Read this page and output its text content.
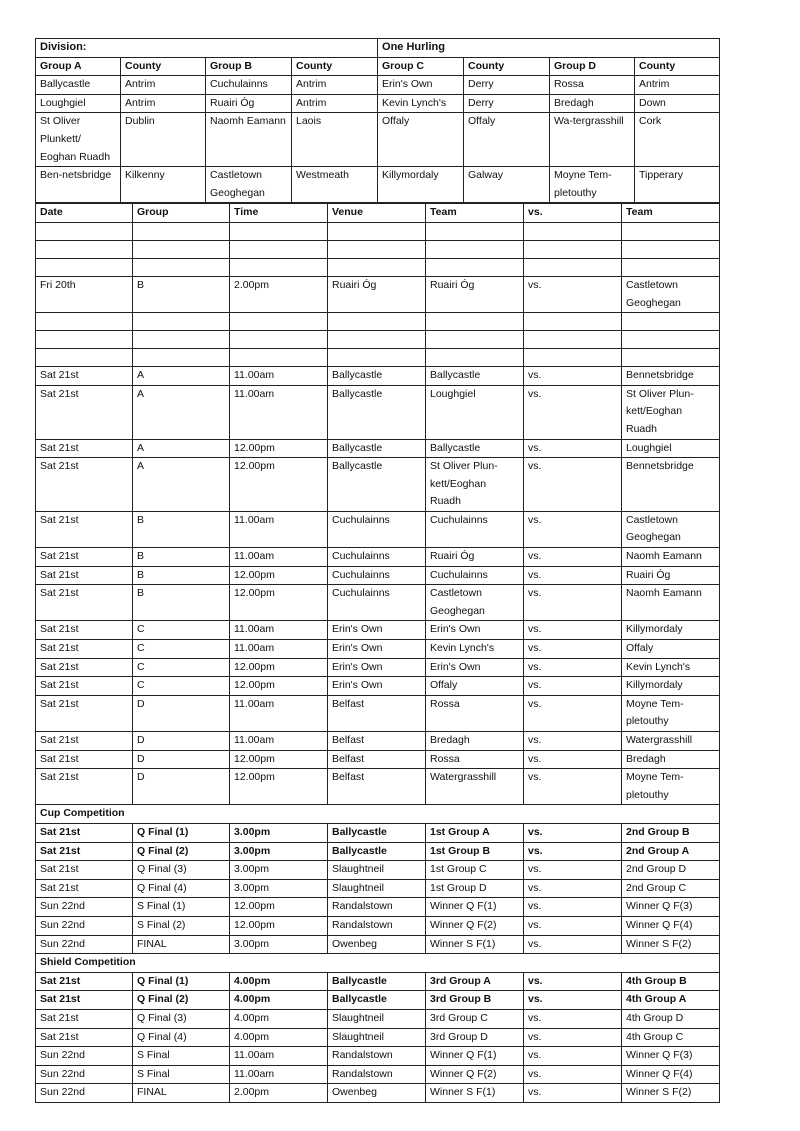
Division:				One Hurling			
Group A	County	Group B	County	Group C	County	Group D	County
Ballycastle	Antrim	Cuchulainns	Antrim	Erin's Own	Derry	Rossa	Antrim
Loughgiel	Antrim	Ruairi Óg	Antrim	Kevin Lynch's	Derry	Bredagh	Down
St Oliver Plunkett/ Eoghan Ruadh	Dublin	Naomh Eamann	Laois	Offaly	Offaly	Wa-tergrasshill	Cork
Ben-netsbridge	Kilkenny	Castletown Geoghegan	Westmeath	Killymordaly	Galway	Moyne Tem-pletouthy	Tipperary
Date	Group	Time	Venue	Team	vs.	Team

Fri 20th	B	2.00pm	Ruairi Óg	Ruairi Óg	vs.	Castletown Geoghegan

Sat 21st	A	11.00am	Ballycastle	Ballycastle	vs.	Bennetsbridge
Sat 21st	A	11.00am	Ballycastle	Loughgiel	vs.	St Oliver Plun-kett/Eoghan Ruadh
Sat 21st	A	12.00pm	Ballycastle	Ballycastle	vs.	Loughgiel
Sat 21st	A	12.00pm	Ballycastle	St Oliver Plun-kett/Eoghan Ruadh	vs.	Bennetsbridge
Sat 21st	B	11.00am	Cuchulainns	Cuchulainns	vs.	Castletown Geoghegan
Sat 21st	B	11.00am	Cuchulainns	Ruairi Óg	vs.	Naomh Eamann
Sat 21st	B	12.00pm	Cuchulainns	Cuchulainns	vs.	Ruairi Óg
Sat 21st	B	12.00pm	Cuchulainns	Castletown Geoghegan	vs.	Naomh Eamann
Sat 21st	C	11.00am	Erin's Own	Erin's Own	vs.	Killymordaly
Sat 21st	C	11.00am	Erin's Own	Kevin Lynch's	vs.	Offaly
Sat 21st	C	12.00pm	Erin's Own	Erin's Own	vs.	Kevin Lynch's
Sat 21st	C	12.00pm	Erin's Own	Offaly	vs.	Killymordaly
Sat 21st	D	11.00am	Belfast	Rossa	vs.	Moyne Tem-pletouthy
Sat 21st	D	11.00am	Belfast	Bredagh	vs.	Watergrasshill
Sat 21st	D	12.00pm	Belfast	Rossa	vs.	Bredagh
Sat 21st	D	12.00pm	Belfast	Watergrasshill	vs.	Moyne Tem-pletouthy
Cup Competition						
Sat 21st	Q Final (1)	3.00pm	Ballycastle	1st Group A	vs.	2nd Group B
Sat 21st	Q Final (2)	3.00pm	Ballycastle	1st Group B	vs.	2nd Group A
Sat 21st	Q Final (3)	3.00pm	Slaughtneil	1st Group C	vs.	2nd Group D
Sat 21st	Q Final (4)	3.00pm	Slaughtneil	1st Group D	vs.	2nd Group C
Sun 22nd	S Final (1)	12.00pm	Randalstown	Winner Q F(1)	vs.	Winner Q F(3)
Sun 22nd	S Final (2)	12.00pm	Randalstown	Winner Q F(2)	vs.	Winner Q F(4)
Sun 22nd	FINAL	3.00pm	Owenbeg	Winner S F(1)	vs.	Winner S F(2)
Shield Competition						
Sat 21st	Q Final (1)	4.00pm	Ballycastle	3rd Group A	vs.	4th Group B
Sat 21st	Q Final (2)	4.00pm	Ballycastle	3rd Group B	vs.	4th Group A
Sat 21st	Q Final (3)	4.00pm	Slaughtneil	3rd Group C	vs.	4th Group D
Sat 21st	Q Final (4)	4.00pm	Slaughtneil	3rd Group D	vs.	4th Group C
Sun 22nd	S Final	11.00am	Randalstown	Winner Q F(1)	vs.	Winner Q F(3)
Sun 22nd	S Final	11.00am	Randalstown	Winner Q F(2)	vs.	Winner Q F(4)
Sun 22nd	FINAL	2.00pm	Owenbeg	Winner S F(1)	vs.	Winner S F(2)
